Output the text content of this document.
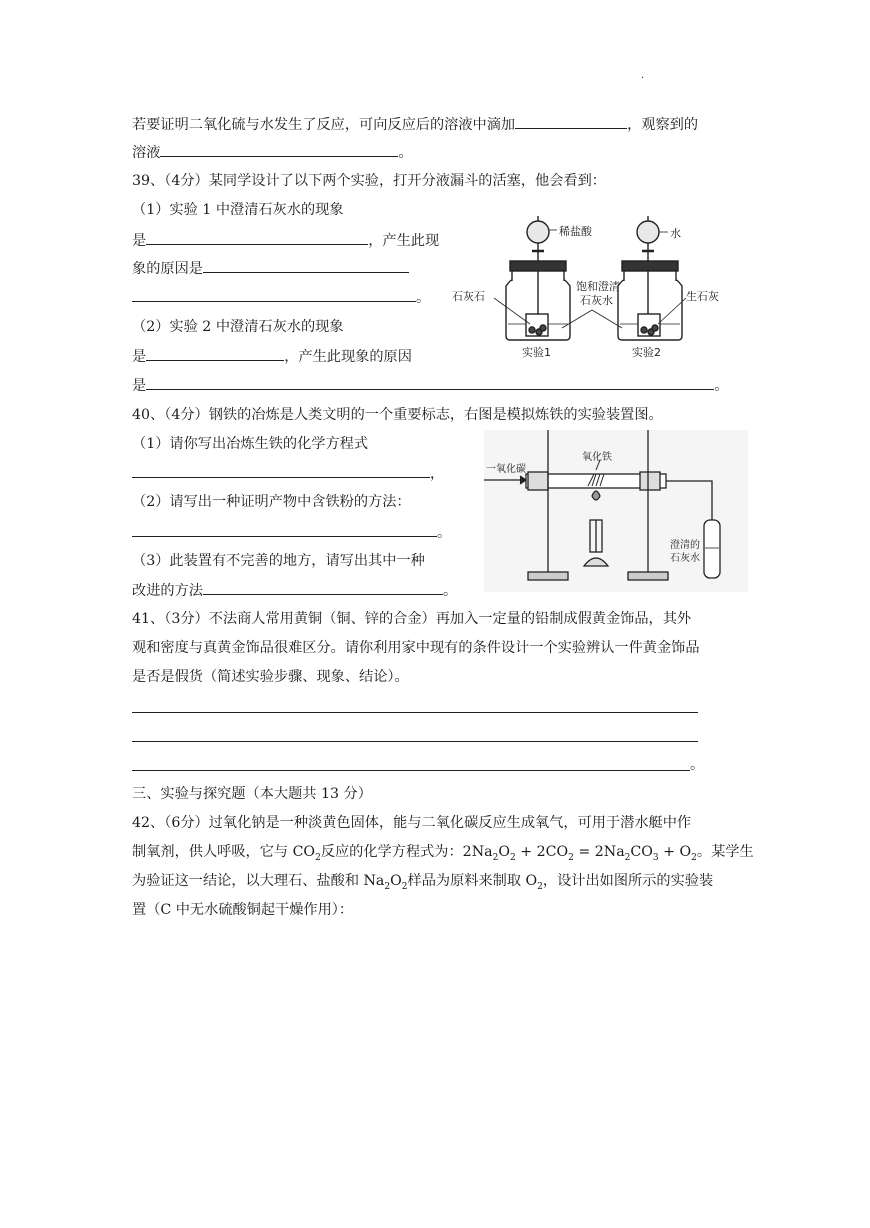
.
若要证明二氧化硫与水发生了反应，可向反应后的溶液中滴加	，观察到的
溶液	。
39、（4分）某同学设计了以下两个实验，打开分液漏斗的活塞，他会看到：
（1）实验 1 中澄清石灰水的现象
是	，产生此现
象的原因是
。
（2）实验 2 中澄清石灰水的现象
是	，产生此现象的原因
是	。
稀盐酸	水
石灰石
饱和澄清
石灰水	生石灰
实验1	实验2
40、（4分）钢铁的冶炼是人类文明的一个重要标志，右图是模拟炼铁的实验装置图。
（1）请你写出冶炼生铁的化学方程式
，
（2）请写出一种证明产物中含铁粉的方法：
。
（3）此装置有不完善的地方，请写出其中一种
改进的方法	。
一氧化碳
氧化铁
澄清的
石灰水
41、（3分）不法商人常用黄铜（铜、锌的合金）再加入一定量的铅制成假黄金饰品，其外
观和密度与真黄金饰品很难区分。请你利用家中现有的条件设计一个实验辨认一件黄金饰品
是否是假货（简述实验步骤、现象、结论）。
。
三、实验与探究题（本大题共 13 分）
42、（6分）过氧化钠是一种淡黄色固体，能与二氧化碳反应生成氧气，可用于潜水艇中作
制氧剂，供人呼吸，它与 $CO_2$反应的化学方程式为：$2Na_2O_2 + 2CO_2 = 2Na_2CO_3 + O_2$。某学生
为验证这一结论，以大理石、盐酸和 $Na_2O_2$样品为原料来制取 $O_2$，设计出如图所示的实验装
置（C 中无水硫酸铜起干燥作用）：
